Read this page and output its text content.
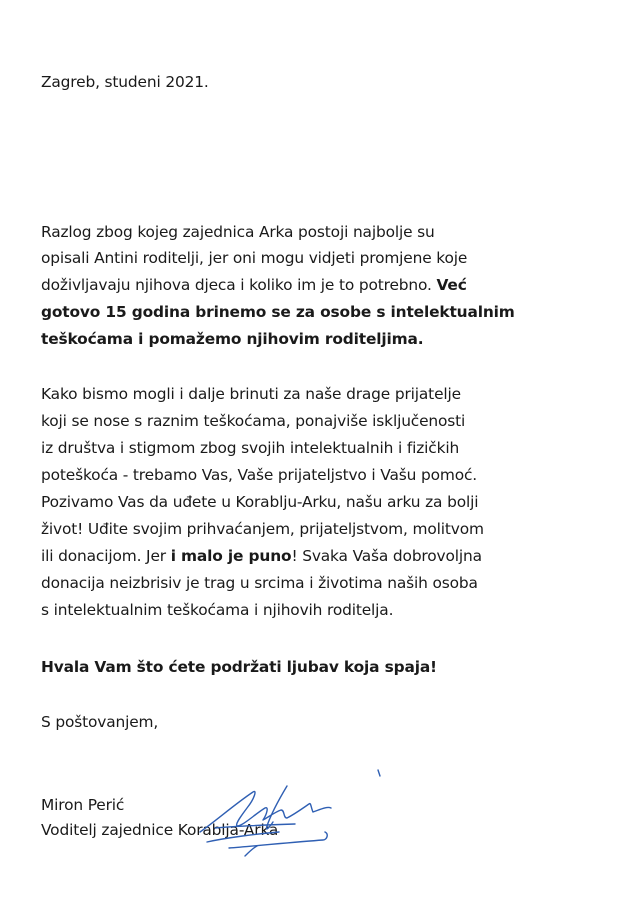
Zagreb, studeni 2021.
Razlog zbog kojeg zajednica Arka postoji najbolje su
opisali Antini roditelji, jer oni mogu vidjeti promjene koje
doživljavaju njihova djeca i koliko im je to potrebno. Već
gotovo 15 godina brinemo se za osobe s intelektualnim
teškoćama i pomažemo njihovim roditeljima.
Kako bismo mogli i dalje brinuti za naše drage prijatelje
koji se nose s raznim teškoćama, ponajviše isključenosti
iz društva i stigmom zbog svojih intelektualnih i fizičkih
poteškoća - trebamo Vas, Vaše prijateljstvo i Vašu pomoć.
Pozivamo Vas da uđete u Korablju-Arku, našu arku za bolji
život! Uđite svojim prihvaćanjem, prijateljstvom, molitvom
ili donacijom. Jer i malo je puno! Svaka Vaša dobrovoljna
donacija neizbrisiv je trag u srcima i životima naših osoba
s intelektualnim teškoćama i njihovih roditelja.
Hvala Vam što ćete podržati ljubav koja spaja!
S poštovanjem,
Miron Perić
Voditelj zajednice Korablja-Arka
